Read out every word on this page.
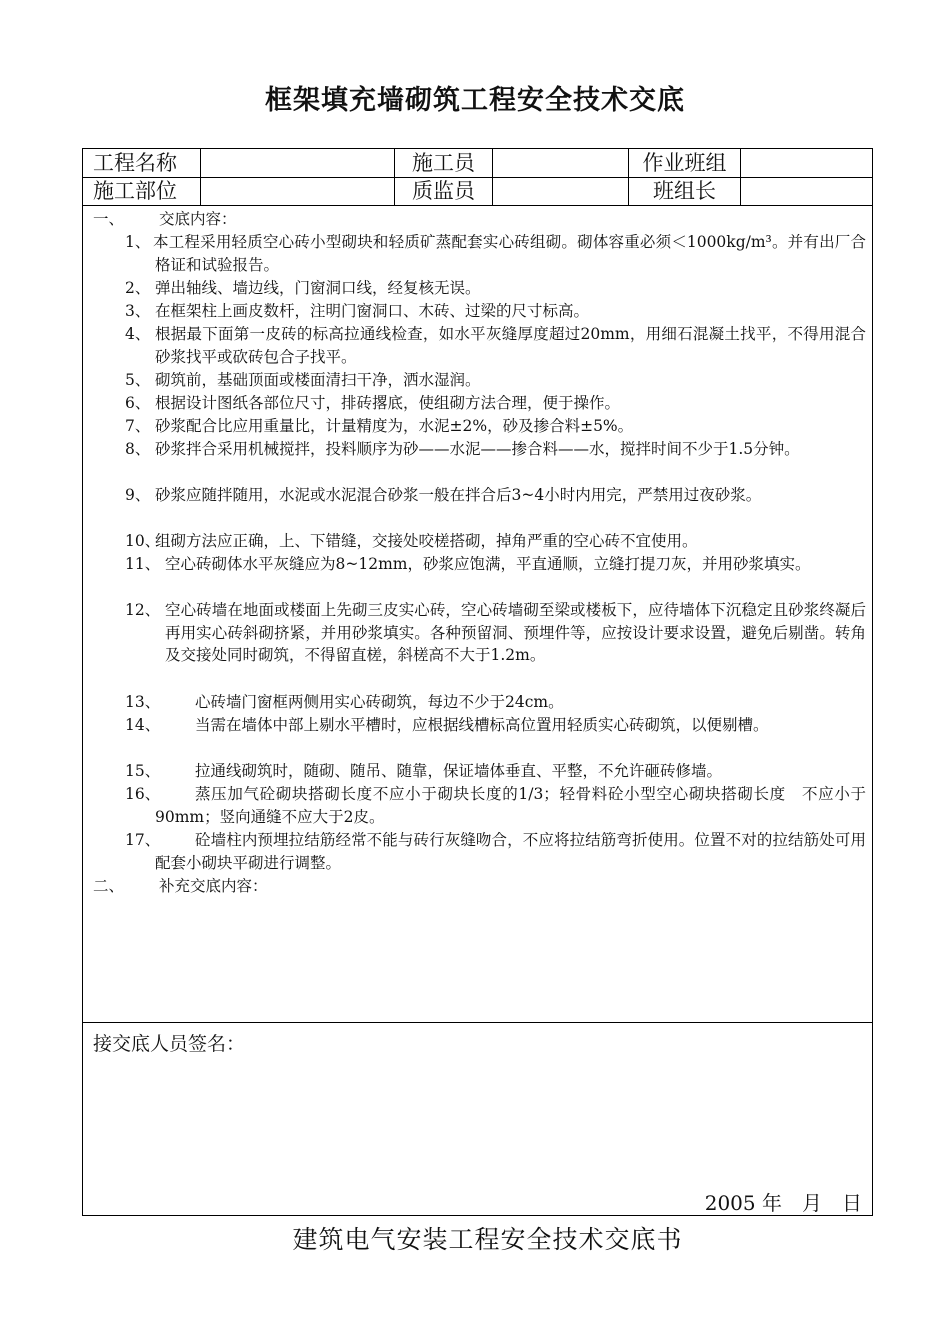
框架填充墙砌筑工程安全技术交底
工程名称	施工员	作业班组
施工部位	质监员	班组长
一、 交底内容：
1、 本工程采用轻质空心砖小型砌块和轻质矿蒸配套实心砖组砌。砌体容重必须＜1000kg/m³。并有出厂合格证和试验报告。
2、 弹出轴线、墙边线，门窗洞口线，经复核无误。
3、 在框架柱上画皮数杆，注明门窗洞口、木砖、过梁的尺寸标高。
4、 根据最下面第一皮砖的标高拉通线检查，如水平灰缝厚度超过20mm，用细石混凝土找平，不得用混合砂浆找平或砍砖包合子找平。
5、 砌筑前，基础顶面或楼面清扫干净，洒水湿润。
6、 根据设计图纸各部位尺寸，排砖撂底，使组砌方法合理，便于操作。
7、 砂浆配合比应用重量比，计量精度为，水泥±2%，砂及掺合料±5%。
8、 砂浆拌合采用机械搅拌，投料顺序为砂——水泥——掺合料——水，搅拌时间不少于1.5分钟。
9、 砂浆应随拌随用，水泥或水泥混合砂浆一般在拌合后3~4小时内用完，严禁用过夜砂浆。
10、
组砌方法应正确，上、下错缝，交接处咬槎搭砌，掉角严重的空心砖不宜使用。
11、 空心砖砌体水平灰缝应为8~12mm，砂浆应饱满，平直通顺，立缝打提刀灰，并用砂浆填实。
12、 空心砖墙在地面或楼面上先砌三皮实心砖，空心砖墙砌至梁或楼板下，应待墙体下沉稳定且砂浆终凝后再用实心砖斜砌挤紧，并用砂浆填实。各种预留洞、预埋件等，应按设计要求设置，避免后剔凿。转角及交接处同时砌筑，不得留直槎，斜槎高不大于1.2m。
13、	心砖墙门窗框两侧用实心砖砌筑，每边不少于24cm。
14、	当需在墙体中部上剔水平槽时，应根据线槽标高位置用轻质实心砖砌筑，以便剔槽。
15、	拉通线砌筑时，随砌、随吊、随靠，保证墙体垂直、平整，不允许砸砖修墙。
16、	蒸压加气砼砌块搭砌长度不应小于砌块长度的1/3；轻骨料砼小型空心砌块搭砌长度　不应小于90mm；竖向通缝不应大于2皮。
17、	砼墙柱内预埋拉结筋经常不能与砖行灰缝吻合，不应将拉结筋弯折使用。位置不对的拉结筋处可用配套小砌块平砌进行调整。
二、 补充交底内容：
接交底人员签名：
2005 年　月　日
建筑电气安装工程安全技术交底书
